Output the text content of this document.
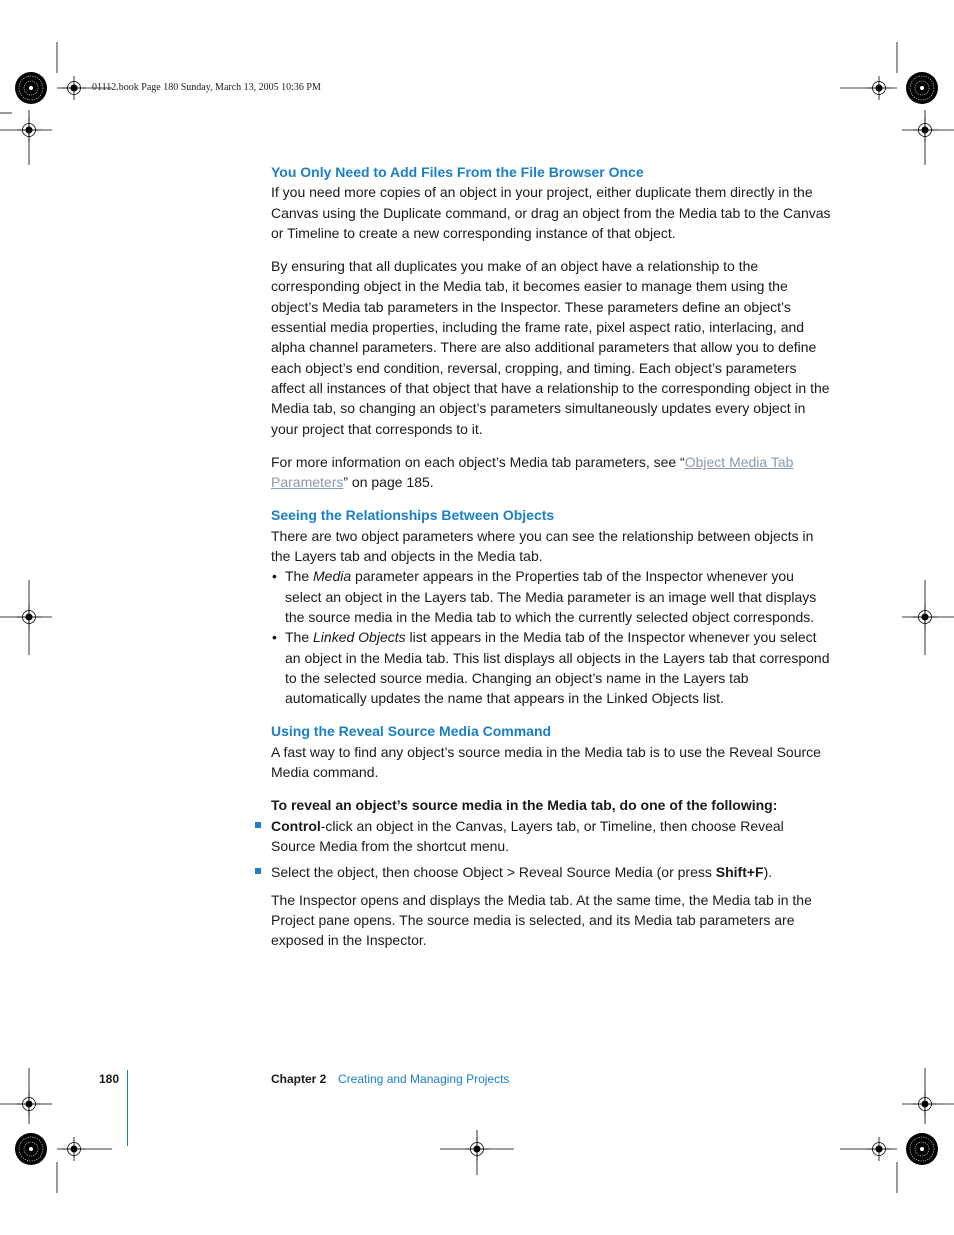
01112.book Page 180 Sunday, March 13, 2005 10:36 PM
You Only Need to Add Files From the File Browser Once

If you need more copies of an object in your project, either duplicate them directly in the Canvas using the Duplicate command, or drag an object from the Media tab to the Canvas or Timeline to create a new corresponding instance of that object.

By ensuring that all duplicates you make of an object have a relationship to the corresponding object in the Media tab, it becomes easier to manage them using the object’s Media tab parameters in the Inspector. These parameters define an object’s essential media properties, including the frame rate, pixel aspect ratio, interlacing, and alpha channel parameters. There are also additional parameters that allow you to define each object’s end condition, reversal, cropping, and timing. Each object’s parameters affect all instances of that object that have a relationship to the corresponding object in the Media tab, so changing an object’s parameters simultaneously updates every object in your project that corresponds to it.

For more information on each object’s Media tab parameters, see “Object Media Tab Parameters” on page 185.

Seeing the Relationships Between Objects

There are two object parameters where you can see the relationship between objects in the Layers tab and objects in the Media tab.

• The Media parameter appears in the Properties tab of the Inspector whenever you select an object in the Layers tab. The Media parameter is an image well that displays the source media in the Media tab to which the currently selected object corresponds.
• The Linked Objects list appears in the Media tab of the Inspector whenever you select an object in the Media tab. This list displays all objects in the Layers tab that correspond to the selected source media. Changing an object’s name in the Layers tab automatically updates the name that appears in the Linked Objects list.
Using the Reveal Source Media Command

A fast way to find any object’s source media in the Media tab is to use the Reveal Source Media command.

To reveal an object’s source media in the Media tab, do one of the following:

Control-click an object in the Canvas, Layers tab, or Timeline, then choose Reveal Source Media from the shortcut menu.
Select the object, then choose Object > Reveal Source Media (or press Shift+F).

The Inspector opens and displays the Media tab. At the same time, the Media tab in the Project pane opens. The source media is selected, and its Media tab parameters are exposed in the Inspector.

180	Chapter 2 Creating and Managing Projects
